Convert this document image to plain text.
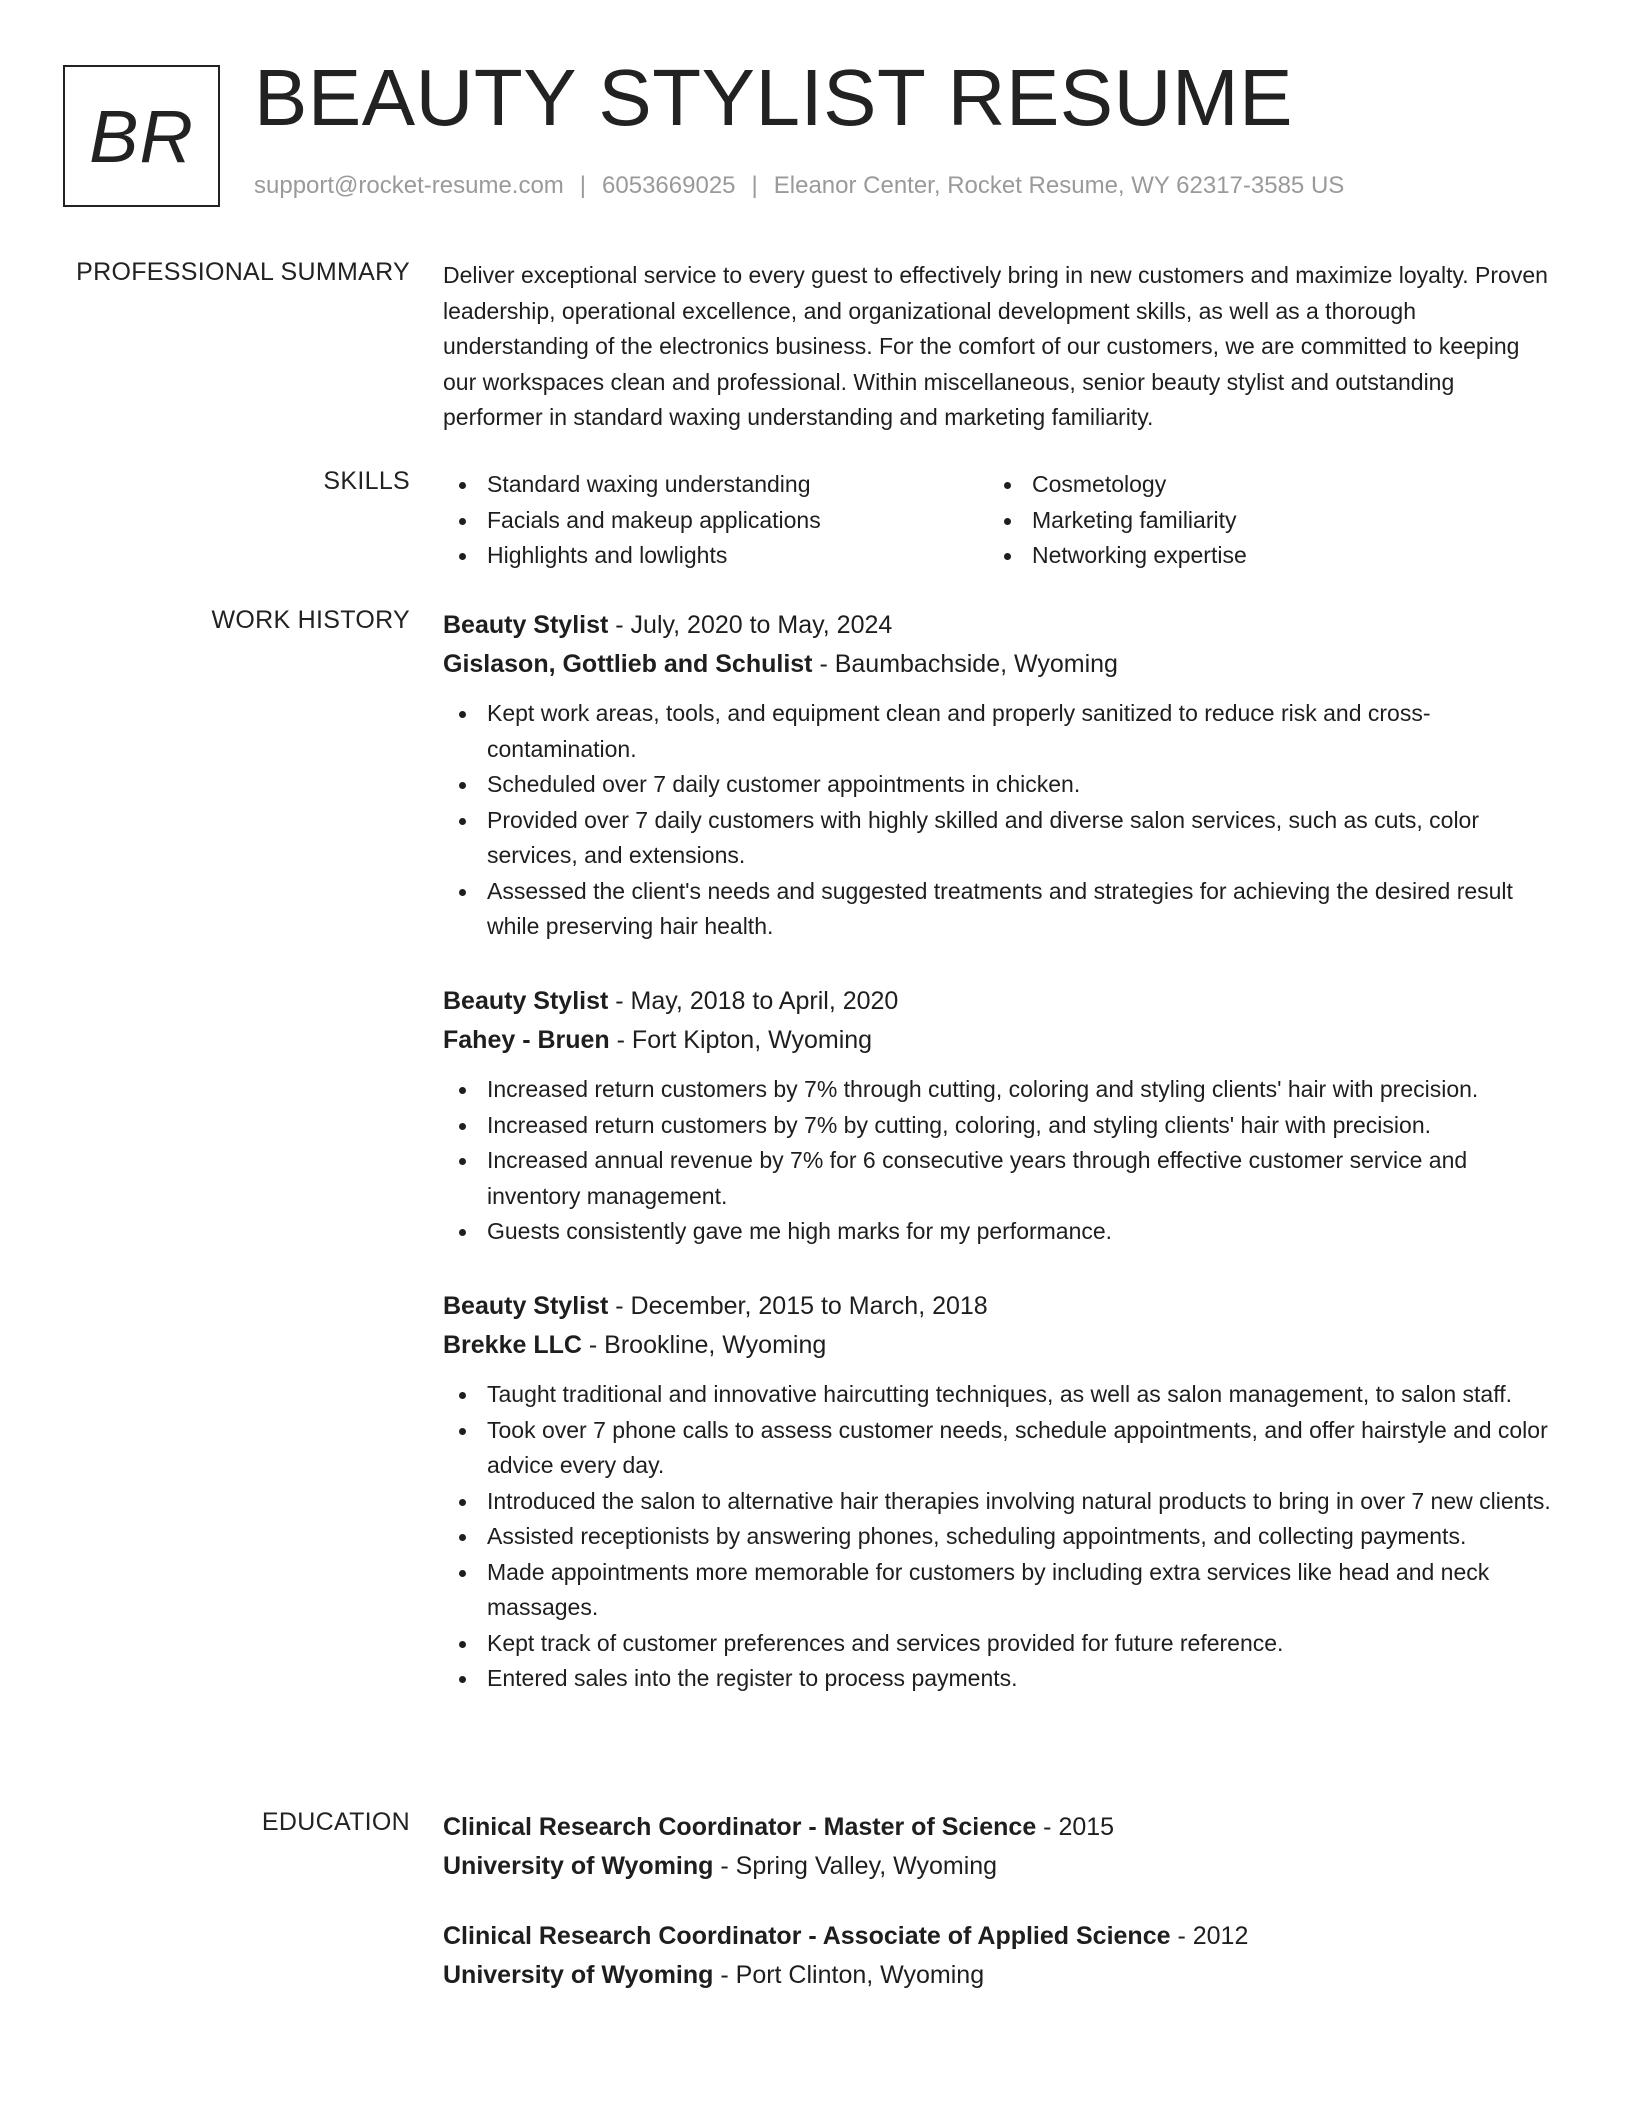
BR BEAUTY STYLIST RESUME
support@rocket-resume.com | 6053669025 | Eleanor Center, Rocket Resume, WY 62317-3585 US
PROFESSIONAL SUMMARY Deliver exceptional service to every guest to effectively bring in new customers and maximize loyalty. Proven leadership, operational excellence, and organizational development skills, as well as a thorough understanding of the electronics business. For the comfort of our customers, we are committed to keeping our workspaces clean and professional. Within miscellaneous, senior beauty stylist and outstanding performer in standard waxing understanding and marketing familiarity.

SKILLS	Standard waxing understanding
Facials and makeup applications
Highlights and lowlights
Cosmetology
Marketing familiarity
Networking expertise
WORK HISTORY Beauty Stylist - July, 2020 to May, 2024
Gislason, Gottlieb and Schulist - Baumbachside, Wyoming
Kept work areas, tools, and equipment clean and properly sanitized to reduce risk and cross-contamination.
Scheduled over 7 daily customer appointments in chicken.
Provided over 7 daily customers with highly skilled and diverse salon services, such as cuts, color services, and extensions.
Assessed the client's needs and suggested treatments and strategies for achieving the desired result while preserving hair health.
Beauty Stylist - May, 2018 to April, 2020
Fahey - Bruen - Fort Kipton, Wyoming
Increased return customers by 7% through cutting, coloring and styling clients' hair with precision.
Increased return customers by 7% by cutting, coloring, and styling clients' hair with precision.
Increased annual revenue by 7% for 6 consecutive years through effective customer service and inventory management.
Guests consistently gave me high marks for my performance.
Beauty Stylist - December, 2015 to March, 2018
Brekke LLC - Brookline, Wyoming
Taught traditional and innovative haircutting techniques, as well as salon management, to salon staff.
Took over 7 phone calls to assess customer needs, schedule appointments, and offer hairstyle and color advice every day.
Introduced the salon to alternative hair therapies involving natural products to bring in over 7 new clients.
Assisted receptionists by answering phones, scheduling appointments, and collecting payments.
Made appointments more memorable for customers by including extra services like head and neck massages.
Kept track of customer preferences and services provided for future reference.
Entered sales into the register to process payments.
EDUCATION Clinical Research Coordinator - Master of Science - 2015
University of Wyoming - Spring Valley, Wyoming
Clinical Research Coordinator - Associate of Applied Science - 2012
University of Wyoming - Port Clinton, Wyoming
